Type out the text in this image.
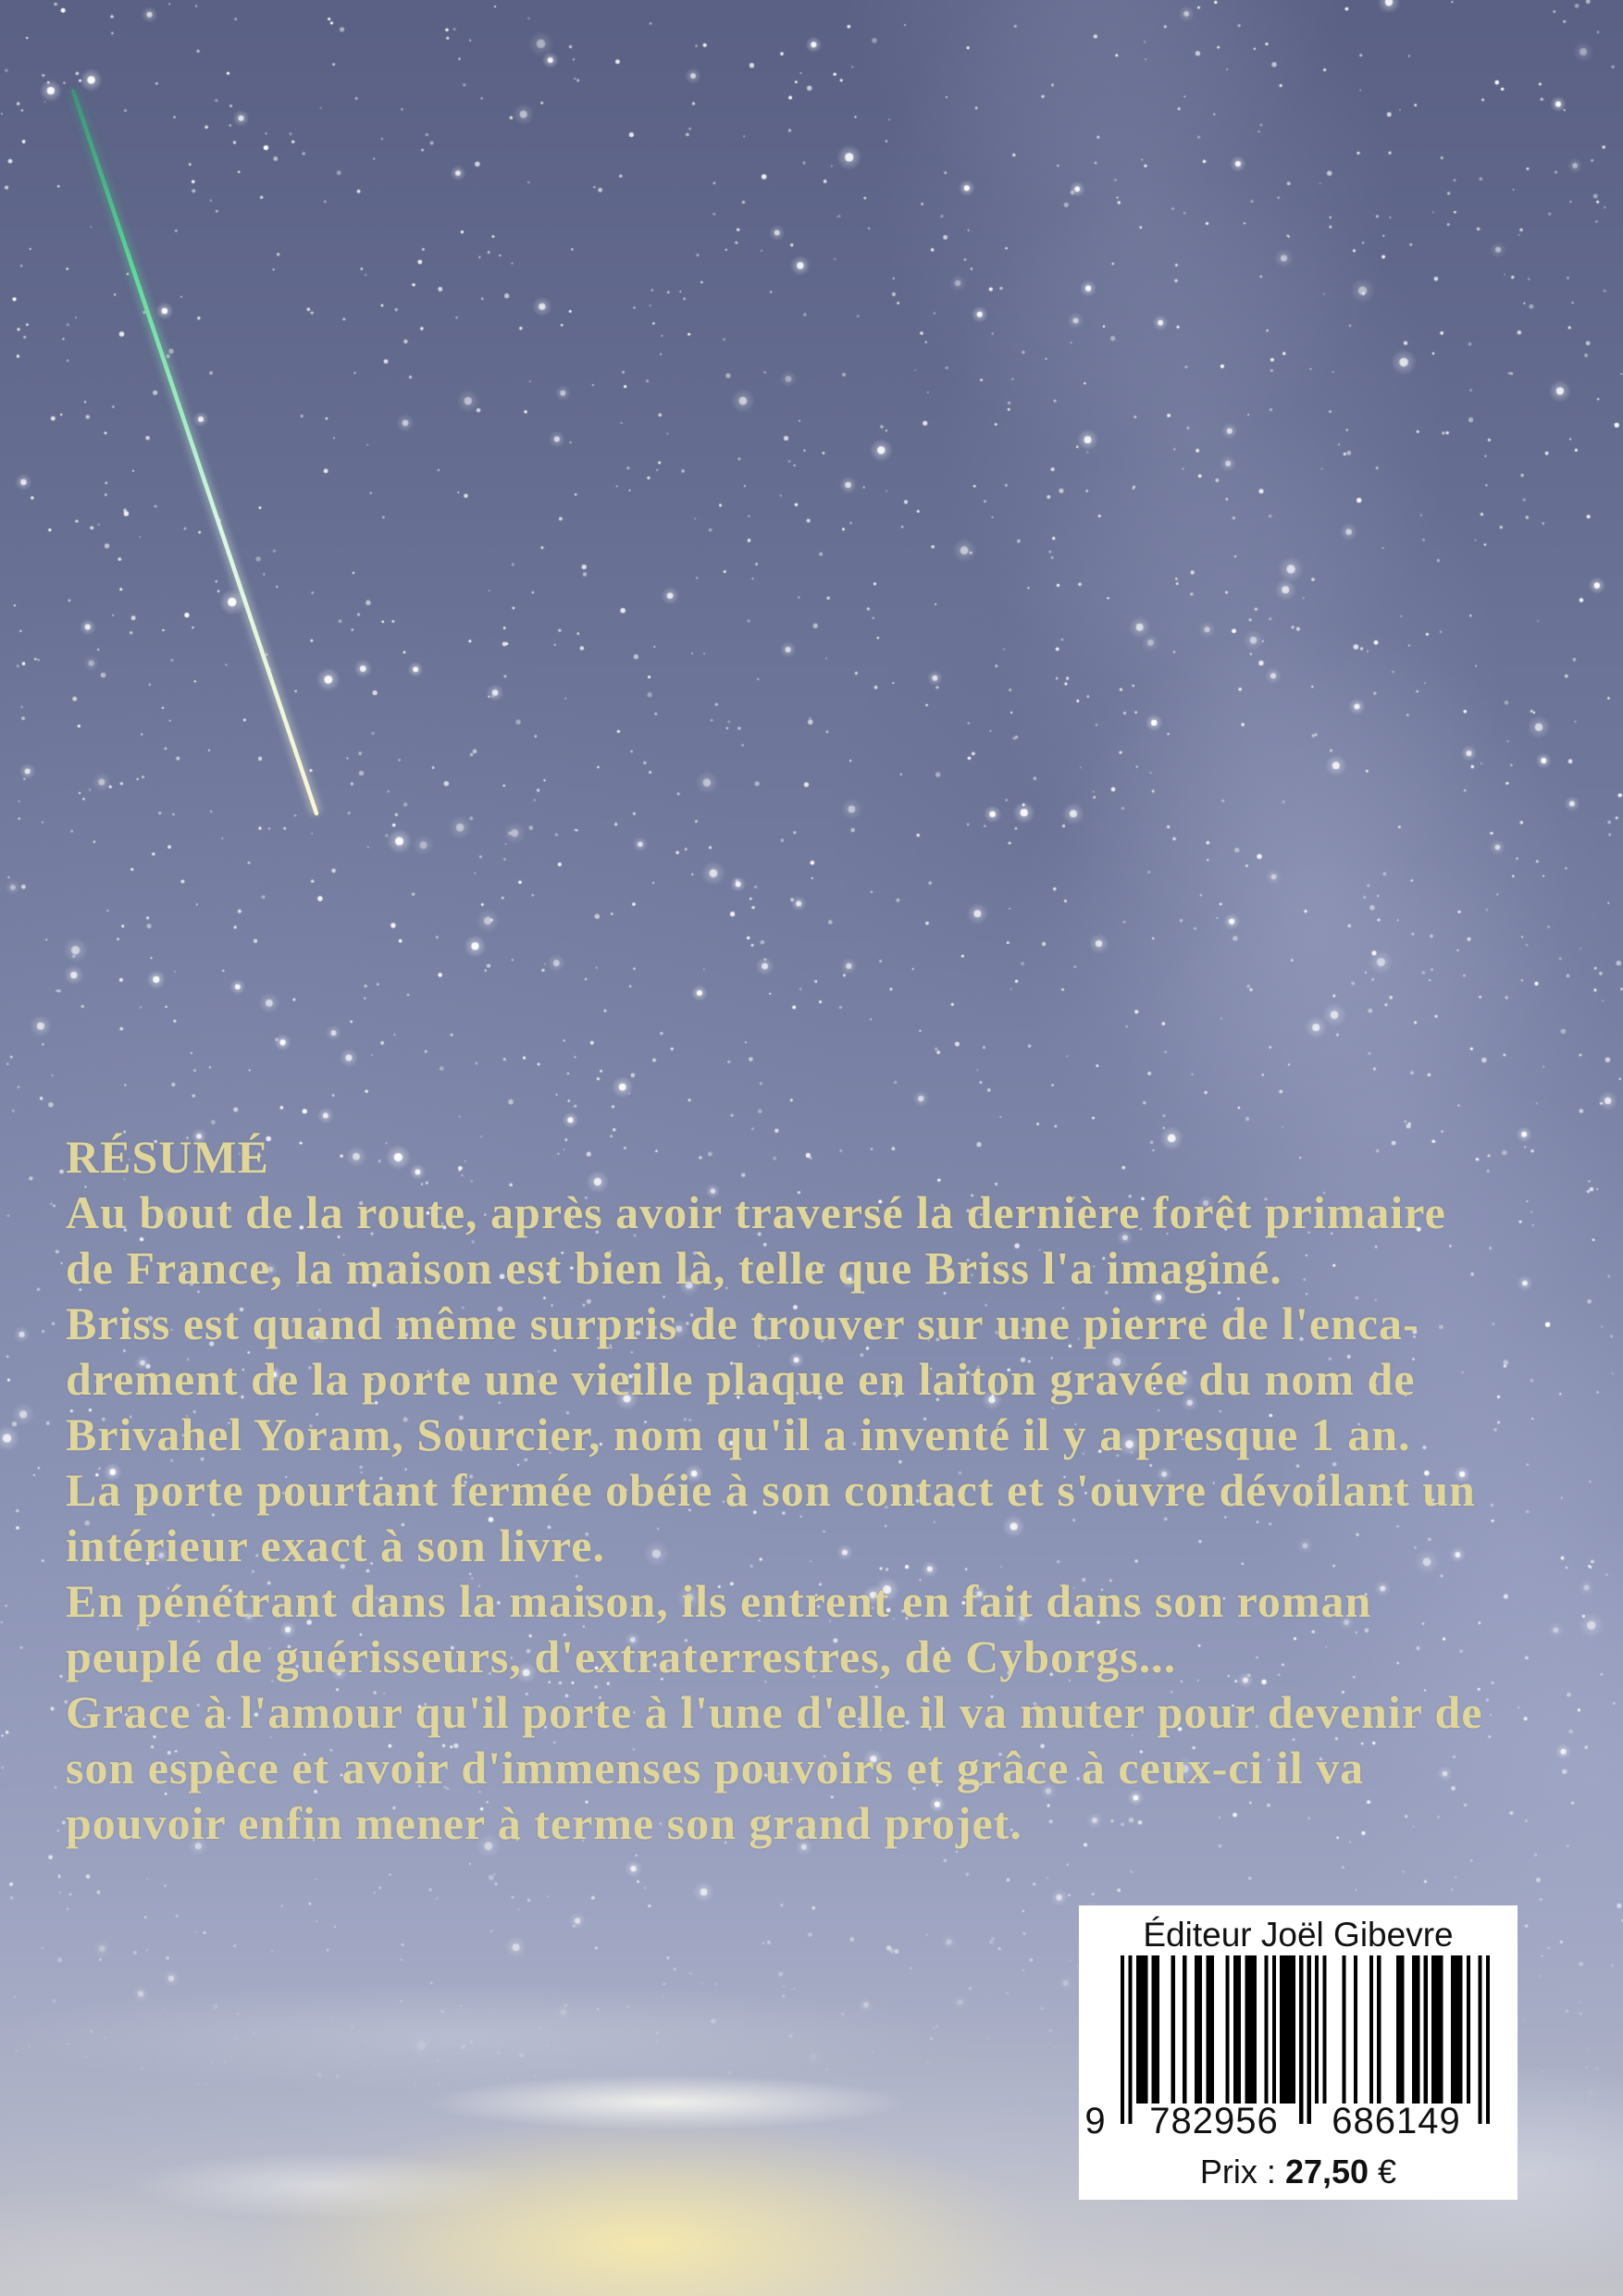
RÉSUMÉ
Au bout de la route, après avoir traversé la dernière forêt primaire
de France, la maison est bien là, telle que Briss l'a imaginé.
Briss est quand même surpris de trouver sur une pierre de l'enca-
drement de la porte une vieille plaque en laiton gravée du nom de
Brivahel Yoram, Sourcier, nom qu'il a inventé il y a presque 1 an.
La porte pourtant fermée obéie à son contact et s'ouvre dévoilant un
intérieur exact à son livre.
En pénétrant dans la maison, ils entrent en fait dans son roman
peuplé de guérisseurs, d'extraterrestres, de Cyborgs...
Grace à l'amour qu'il porte à l'une d'elle il va muter pour devenir de
son espèce et avoir d'immenses pouvoirs et grâce à ceux-ci il va
pouvoir enfin mener à terme son grand projet.
Éditeur Joël Gibevre
9	782956	686149
Prix : 27,50 €
